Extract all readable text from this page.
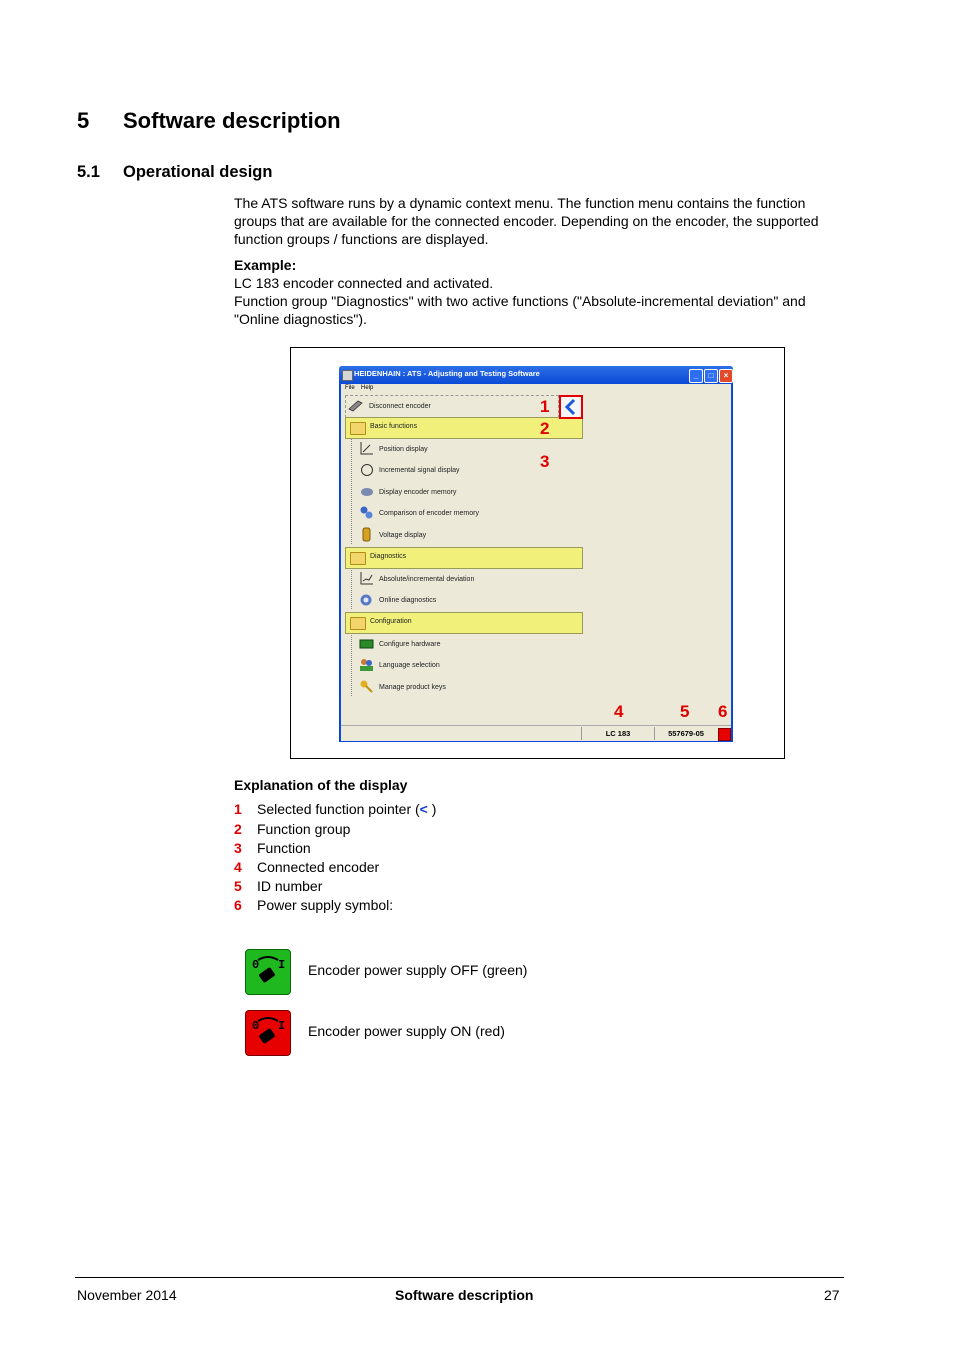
5 Software description
5.1 Operational design
The ATS software runs by a dynamic context menu. The function menu contains the function groups that are available for the connected encoder. Depending on the encoder, the supported function groups / functions are displayed.
Example:
LC 183 encoder connected and activated.
Function group "Diagnostics" with two active functions ("Absolute-incremental deviation" and "Online diagnostics").
HEIDENHAIN : ATS - Adjusting and Testing Software	_	□	×
File Help
Disconnect encoder
Basic functions
Position display
Incremental signal display
Display encoder memory
Comparison of encoder memory
Voltage display
Diagnostics
Absolute/incremental deviation
Online diagnostics
Configuration
Configure hardware
Language selection
Manage product keys
1
2
3
4	5 6
LC 183	557679-05
Explanation of the display
1 Selected function pointer (< )
2 Function group
3 Function
4 Connected encoder
5 ID number
6 Power supply symbol:
0 I Encoder power supply OFF (green)
0 I Encoder power supply ON (red)
November 2014	Software description	27
